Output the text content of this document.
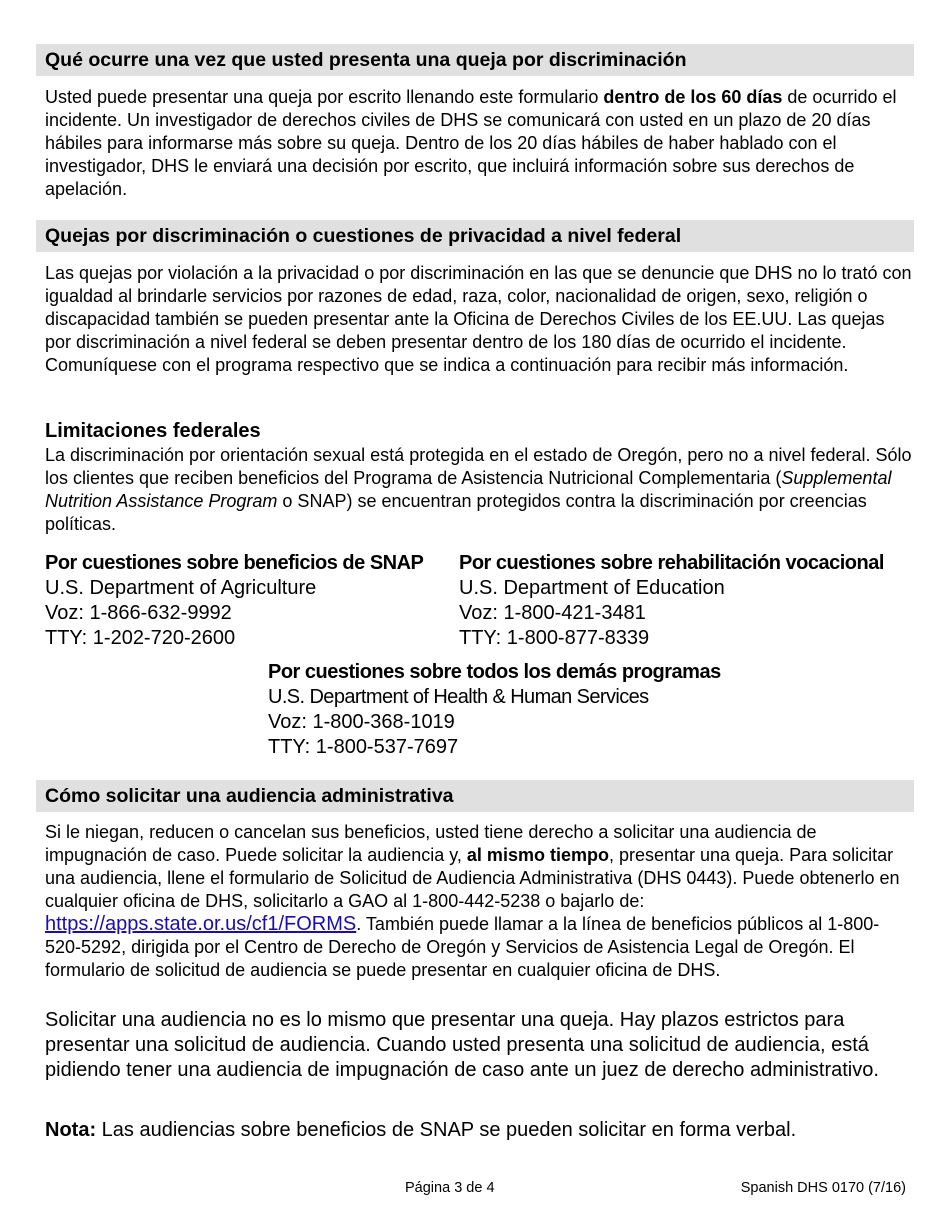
Qué ocurre una vez que usted presenta una queja por discriminación

Usted puede presentar una queja por escrito llenando este formulario dentro de los 60 días de ocurrido el incidente. Un investigador de derechos civiles de DHS se comunicará con usted en un plazo de 20 días hábiles para informarse más sobre su queja. Dentro de los 20 días hábiles de haber hablado con el investigador, DHS le enviará una decisión por escrito, que incluirá información sobre sus derechos de apelación.

Quejas por discriminación o cuestiones de privacidad a nivel federal

Las quejas por violación a la privacidad o por discriminación en las que se denuncie que DHS no lo trató con igualdad al brindarle servicios por razones de edad, raza, color, nacionalidad de origen, sexo, religión o discapacidad también se pueden presentar ante la Oficina de Derechos Civiles de los EE.UU. Las quejas por discriminación a nivel federal se deben presentar dentro de los 180 días de ocurrido el incidente. Comuníquese con el programa respectivo que se indica a continuación para recibir más información.

Limitaciones federales

La discriminación por orientación sexual está protegida en el estado de Oregón, pero no a nivel federal. Sólo los clientes que reciben beneficios del Programa de Asistencia Nutricional Complementaria (Supplemental Nutrition Assistance Program o SNAP) se encuentran protegidos contra la discriminación por creencias políticas.

Por cuestiones sobre beneficios de SNAP
U.S. Department of Agriculture
Voz: 1-866-632-9992
TTY: 1-202-720-2600
Por cuestiones sobre rehabilitación vocacional
U.S. Department of Education
Voz: 1-800-421-3481
TTY: 1-800-877-8339
Por cuestiones sobre todos los demás programas
U.S. Department of Health & Human Services
Voz: 1-800-368-1019
TTY: 1-800-537-7697
Cómo solicitar una audiencia administrativa

Si le niegan, reducen o cancelan sus beneficios, usted tiene derecho a solicitar una audiencia de impugnación de caso. Puede solicitar la audiencia y, al mismo tiempo, presentar una queja. Para solicitar una audiencia, llene el formulario de Solicitud de Audiencia Administrativa (DHS 0443). Puede obtenerlo en cualquier oficina de DHS, solicitarlo a GAO al 1-800-442-5238 o bajarlo de: https://apps.state.or.us/cf1/FORMS. También puede llamar a la línea de beneficios públicos al 1-800-520-5292, dirigida por el Centro de Derecho de Oregón y Servicios de Asistencia Legal de Oregón. El formulario de solicitud de audiencia se puede presentar en cualquier oficina de DHS.

Solicitar una audiencia no es lo mismo que presentar una queja. Hay plazos estrictos para presentar una solicitud de audiencia. Cuando usted presenta una solicitud de audiencia, está pidiendo tener una audiencia de impugnación de caso ante un juez de derecho administrativo.

Nota: Las audiencias sobre beneficios de SNAP se pueden solicitar en forma verbal.

Página 3 de 4	Spanish DHS 0170 (7/16)
